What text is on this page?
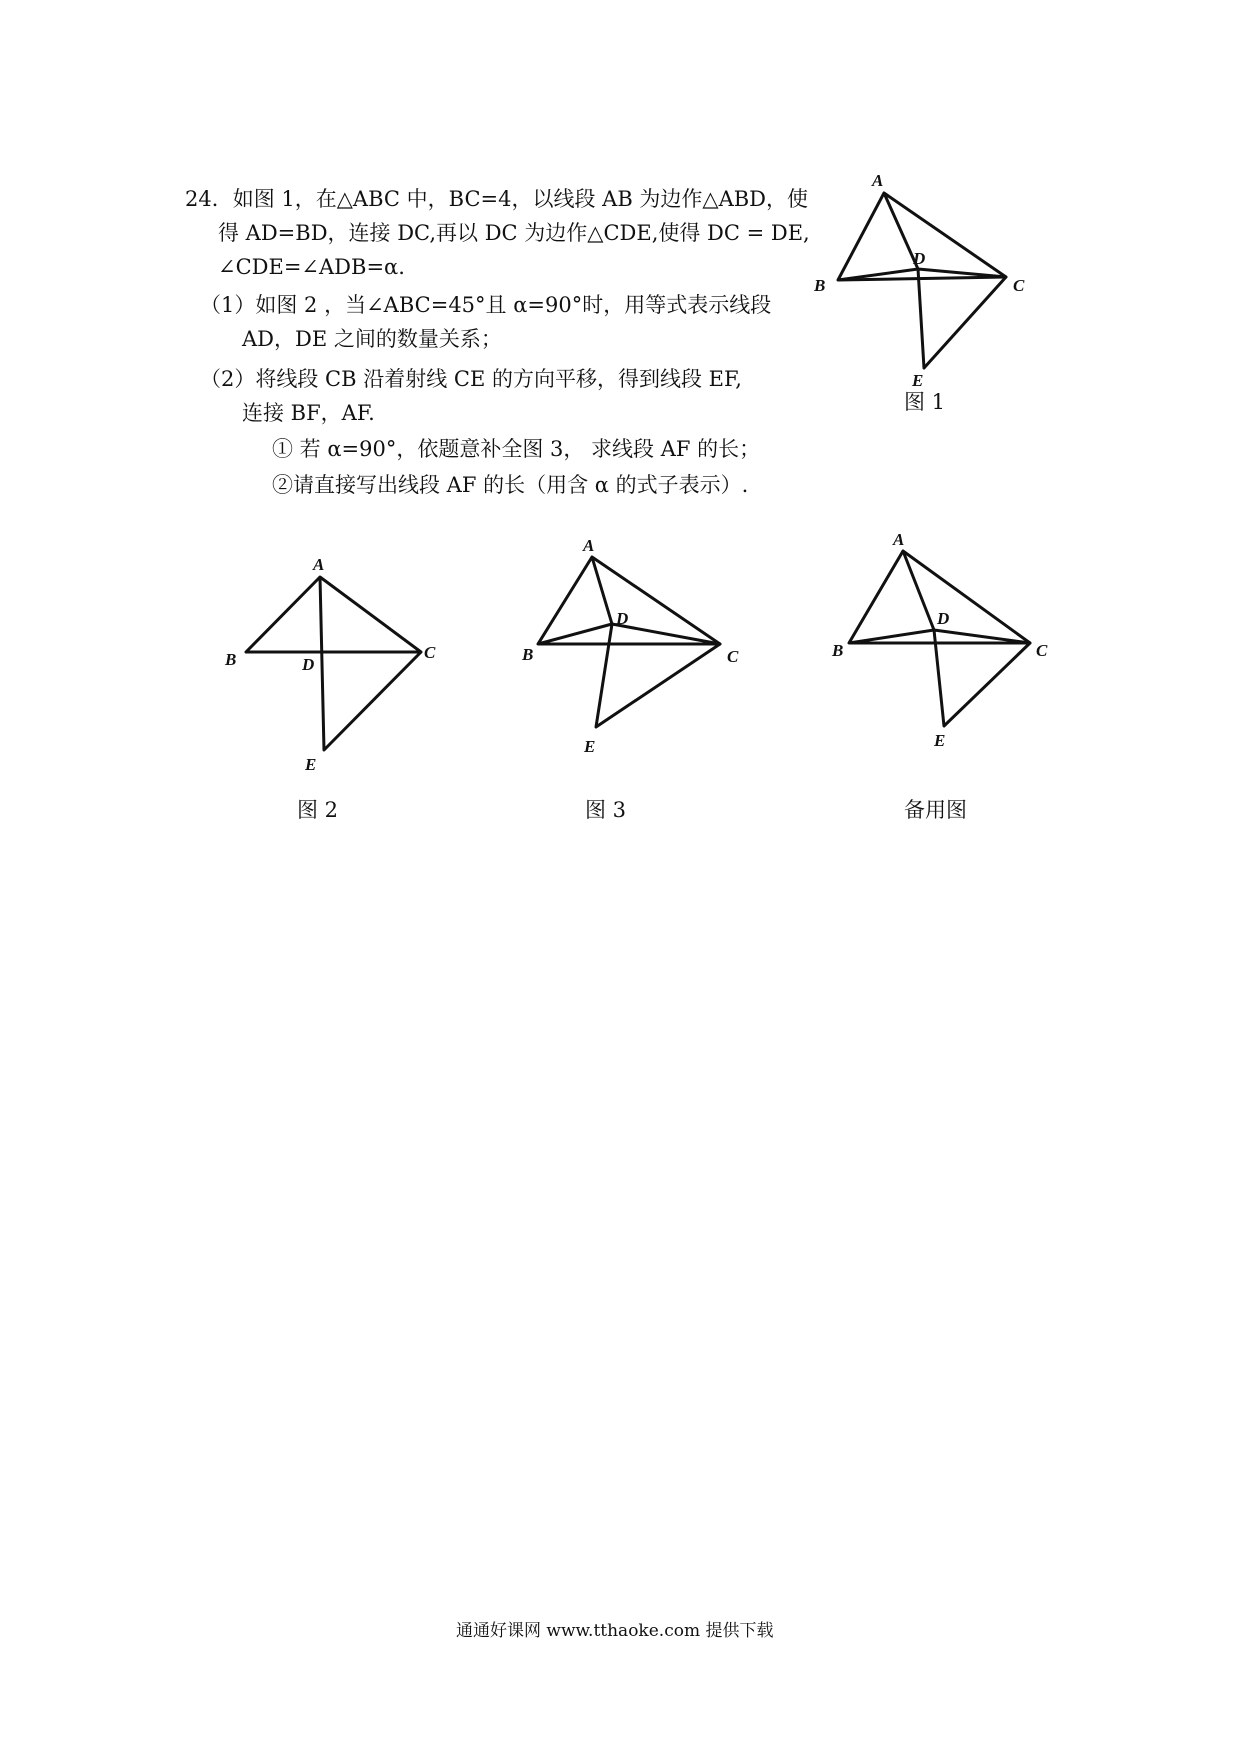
24．如图 1，在△ABC 中，BC=4，以线段 AB 为边作△ABD，使
得 AD=BD，连接 DC,再以 DC 为边作△CDE,使得 DC = DE,
∠CDE=∠ADB=α.
（1）如图 2 ，当∠ABC=45°且 α=90°时，用等式表示线段
AD，DE 之间的数量关系；
（2）将线段 CB 沿着射线 CE 的方向平移，得到线段 EF,
连接 BF，AF.
① 若 α=90°，依题意补全图 3， 求线段 AF 的长；
②请直接写出线段 AF 的长（用含 α 的式子表示）.
A
B	C
D
E
图 1
A
B	C
D
E
图 2
A
B	C
D
E
图 3
A
B	C
D
E
备用图
通通好课网 www.tthaoke.com 提供下载
